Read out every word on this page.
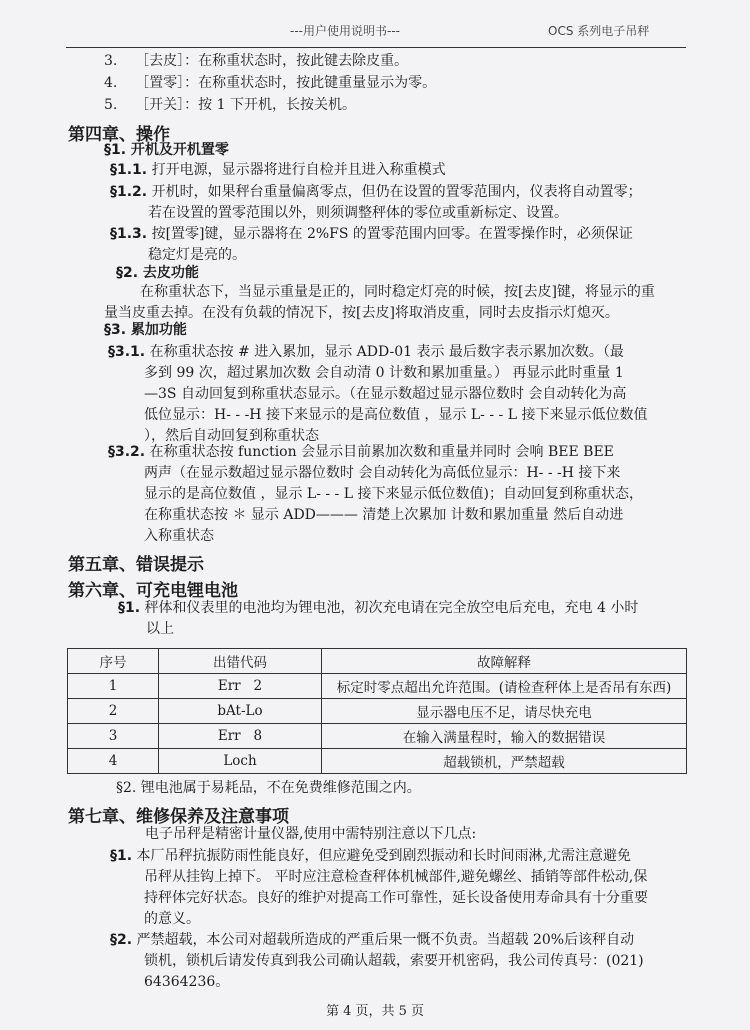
---用户使用说明书---	OCS 系列电子吊秤
3. ［去皮］：在称重状态时，按此键去除皮重。
4. ［置零］：在称重状态时，按此键重量显示为零。
5. ［开关］：按 1 下开机，长按关机。
第四章、操作
§1. 开机及开机置零
§1.1. 打开电源，显示器将进行自检并且进入称重模式
§1.2. 开机时，如果秤台重量偏离零点，但仍在设置的置零范围内，仪表将自动置零；
若在设置的置零范围以外，则须调整秤体的零位或重新标定、设置。
§1.3. 按[置零]键，显示器将在 2%FS 的置零范围内回零。在置零操作时，必须保证
稳定灯是亮的。
§2. 去皮功能
在称重状态下，当显示重量是正的，同时稳定灯亮的时候，按[去皮]键，将显示的重
量当皮重去掉。在没有负载的情况下，按[去皮]将取消皮重，同时去皮指示灯熄灭。
§3. 累加功能
§3.1. 在称重状态按 # 进入累加，显示 ADD-01 表示 最后数字表示累加次数。（最
多到 99 次，超过累加次数 会自动清 0 计数和累加重量。） 再显示此时重量 1
—3S 自动回复到称重状态显示。（在显示数超过显示器位数时 会自动转化为高
低位显示：H- - -H 接下来显示的是高位数值 ，显示 L- - - L 接下来显示低位数值
），然后自动回复到称重状态
§3.2. 在称重状态按 function 会显示目前累加次数和重量并同时 会响 BEE BEE
两声（在显示数超过显示器位数时 会自动转化为高低位显示：H- - -H 接下来
显示的是高位数值 ，显示 L- - - L 接下来显示低位数值)；自动回复到称重状态，
在称重状态按 ＊ 显示 ADD——— 清楚上次累加 计数和累加重量 然后自动进
入称重状态
第五章、错误提示
第六章、可充电锂电池
§1. 秤体和仪表里的电池均为锂电池，初次充电请在完全放空电后充电，充电 4 小时
以上
序号	出错代码	故障解释
1	Err   2	标定时零点超出允许范围。(请检查秤体上是否吊有东西)
2	bAt-Lo	显示器电压不足，请尽快充电
3	Err   8	在输入满量程时，输入的数据错误
4	Loch	超载锁机，严禁超载
§2. 锂电池属于易耗品，不在免费维修范围之内。
第七章、维修保养及注意事项
电子吊秤是精密计量仪器,使用中需特别注意以下几点:
§1. 本厂吊秤抗振防雨性能良好，但应避免受到剧烈振动和长时间雨淋,尤需注意避免
吊秤从挂钩上掉下。 平时应注意检查秤体机械部件,避免螺丝、插销等部件松动,保
持秤体完好状态。良好的维护对提高工作可靠性，延长设备使用寿命具有十分重要
的意义。
§2. 严禁超载，本公司对超载所造成的严重后果一慨不负责。当超载 20%后该秤自动
锁机，锁机后请发传真到我公司确认超载，索要开机密码，我公司传真号：(021)
64364236。
第 4 页，共 5 页
